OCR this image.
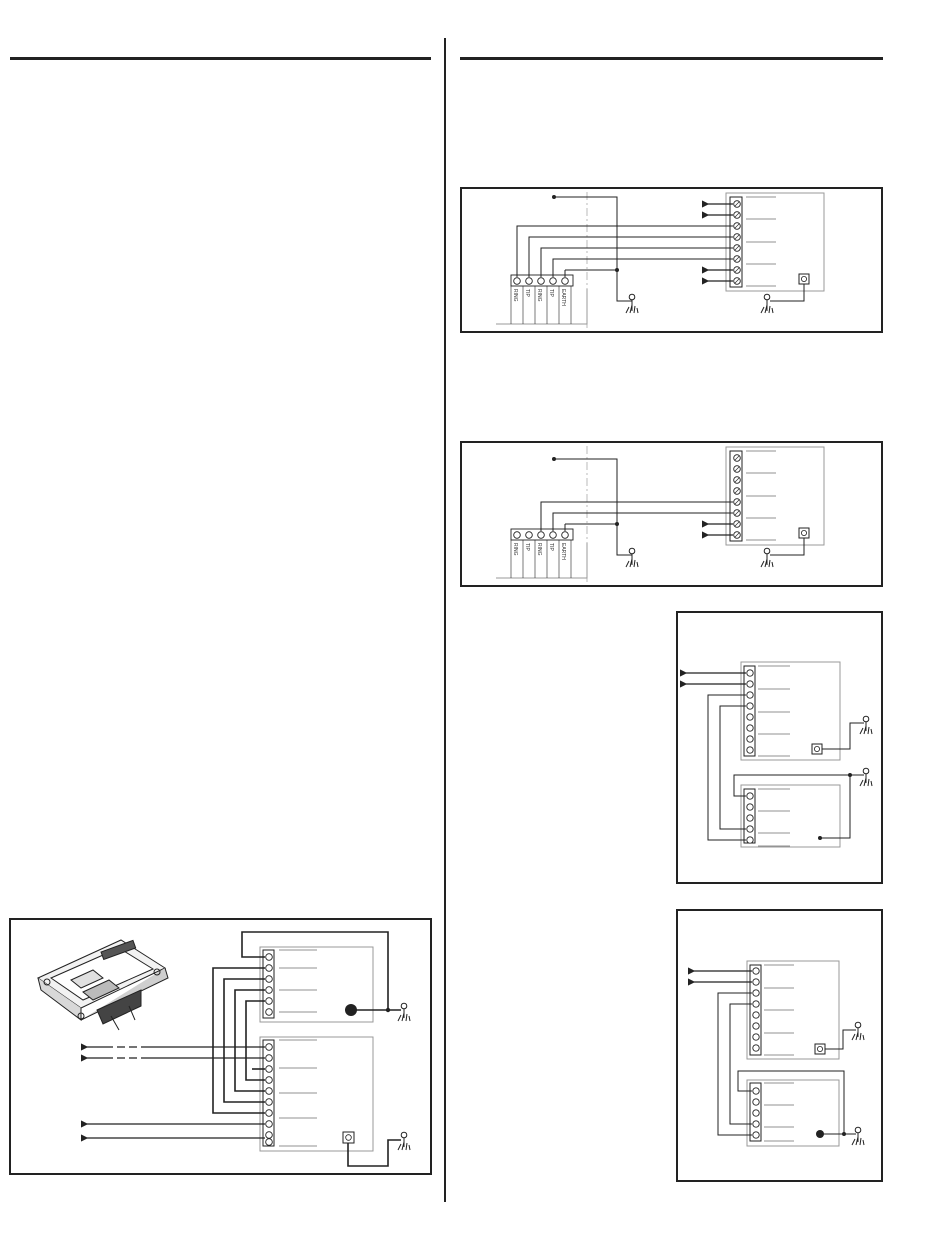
RING TIP RING TIP EARTH
RING TIP RING TIP EARTH
